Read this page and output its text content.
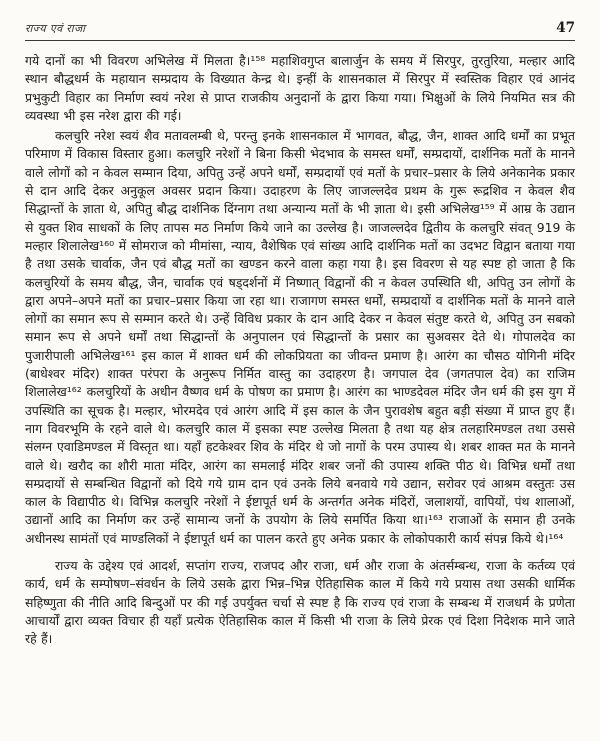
राज्य एवं राजा	47

गये दानों का भी विवरण अभिलेख में मिलता है।¹⁵⁸ महाशिवगुप्त बालार्जुन के समय में सिरपुर, तुरतुरिया, मल्हार आदि स्थान बौद्धधर्म के महायान सम्प्रदाय के विख्यात केन्द्र थे। इन्हीं के शासनकाल में सिरपुर में स्वस्तिक विहार एवं आनंद प्रभुकुटी विहार का निर्माण स्वयं नरेश से प्राप्त राजकीय अनुदानों के द्वारा किया गया। भिक्षुओं के लिये नियमित सत्र की व्यवस्था भी इस नरेश द्वारा की गई।

कलचुरि नरेश स्वयं शैव मतावलम्बी थे, परन्तु इनके शासनकाल में भागवत, बौद्ध, जैन, शाक्त आदि धर्मों का प्रभूत परिमाण में विकास विस्तार हुआ। कलचुरि नरेशों ने बिना किसी भेदभाव के समस्त धर्मों, सम्प्रदायों, दार्शनिक मतों के मानने वाले लोगों को न केवल सम्मान दिया, अपितु उन्हें अपने धर्मों, सम्प्रदायों एवं मतों के प्रचार–प्रसार के लिये अनेकानेक प्रकार से दान आदि देकर अनुकूल अवसर प्रदान किया। उदाहरण के लिए जाजल्लदेव प्रथम के गुरू रूद्रशिव न केवल शैव सिद्धान्तों के ज्ञाता थे, अपितु बौद्ध दार्शनिक दिंग्नाग तथा अन्यान्य मतों के भी ज्ञाता थे। इसी अभिलेख¹⁵⁹ में आम्र के उद्यान से युक्त शिव साधकों के लिए तापस मठ निर्माण किये जाने का उल्लेख है। जाजल्लदेव द्वितीय के कलचुरि संवत् 919 के मल्हार शिलालेख¹⁶⁰ में सोमराज को मीमांसा, न्याय, वैशेषिक एवं सांख्य आदि दार्शनिक मतों का उदभट विद्वान बताया गया है तथा उसके चार्वाक, जैन एवं बौद्ध मतों का खण्डन करने वाला कहा गया है। इस विवरण से यह स्पष्ट हो जाता है कि कलचुरियों के समय बौद्ध, जैन, चार्वाक एवं षड्दर्शनों में निष्णात् विद्वानों की न केवल उपस्थिति थी, अपितु उन लोगों के द्वारा अपने–अपने मतों का प्रचार–प्रसार किया जा रहा था। राजागण समस्त धर्मों, सम्प्रदायों व दार्शनिक मतों के मानने वाले लोगों का समान रूप से सम्मान करते थे। उन्हें विविध प्रकार के दान आदि देकर न केवल संतुष्ट करते थे, अपितु उन सबको समान रूप से अपने धर्मों तथा सिद्धान्तों के अनुपालन एवं सिद्धान्तों के प्रसार का सुअवसर देते थे। गोपालदेव का पुजारीपाली अभिलेख¹⁶¹ इस काल में शाक्त धर्म की लोकप्रियता का जीवन्त प्रमाण है। आरंग का चौसठ योगिनी मंदिर (बाधेश्वर मंदिर) शाक्त परंपरा के अनुरूप निर्मित वास्तु का उदाहरण है। जगपाल देव (जगतपाल देव) का राजिम शिलालेख¹⁶² कलचुरियों के अधीन वैष्णव धर्म के पोषण का प्रमाण है। आरंग का भाण्डदेवल मंदिर जैन धर्म की इस युग में उपस्थिति का सूचक है। मल्हार, भोरमदेव एवं आरंग आदि में इस काल के जैन पुरावशेष बहुत बड़ी संख्या में प्राप्त हुए हैं। नाग विवरभूमि के रहने वाले थे। कलचुरि काल में इसका स्पष्ट उल्लेख मिलता है तथा यह क्षेत्र तलहारिमण्डल तथा उससे संलग्न एवाडिमण्डल में विस्तृत था। यहाँ हटकेश्वर शिव के मंदिर थे जो नागों के परम उपास्य थे। शबर शाक्त मत के मानने वाले थे। खरौद का शौरी माता मंदिर, आरंग का समलाई मंदिर शबर जनों की उपास्य शक्ति पीठ थे। विभिन्न धर्मों तथा सम्प्रदायों से सम्बन्धित विद्वानों को दिये गये ग्राम दान एवं उनके लिये बनवाये गये उद्यान, सरोवर एवं आश्रम वस्तुतः उस काल के विद्यापीठ थे। विभिन्न कलचुरि नरेशों ने ईष्टापूर्त धर्म के अन्तर्गत अनेक मंदिरों, जलाशयों, वापियों, पंथ शालाओं, उद्यानों आदि का निर्माण कर उन्हें सामान्य जनों के उपयोग के लिये समर्पित किया था।¹⁶³ राजाओं के समान ही उनके अधीनस्थ सामंतों एवं माण्डलिकों ने ईष्टापूर्त धर्म का पालन करते हुए अनेक प्रकार के लोकोपकारी कार्य संपन्न किये थे।¹⁶⁴

राज्य के उद्देश्य एवं आदर्श, सप्तांग राज्य, राजपद और राजा, धर्म और राजा के अंतर्सम्बन्ध, राजा के कर्तव्य एवं कार्य, धर्म के सम्पोषण–संवर्धन के लिये उसके द्वारा भिन्न–भिन्न ऐतिहासिक काल में किये गये प्रयास तथा उसकी धार्मिक सहिष्णुता की नीति आदि बिन्दुओं पर की गई उपर्युक्त चर्चा से स्पष्ट है कि राज्य एवं राजा के सम्बन्ध में राजधर्म के प्रणेता आचार्यों द्वारा व्यक्त विचार ही यहाँ प्रत्येक ऐतिहासिक काल में किसी भी राजा के लिये प्रेरक एवं दिशा निदेशक माने जाते रहे हैं।
